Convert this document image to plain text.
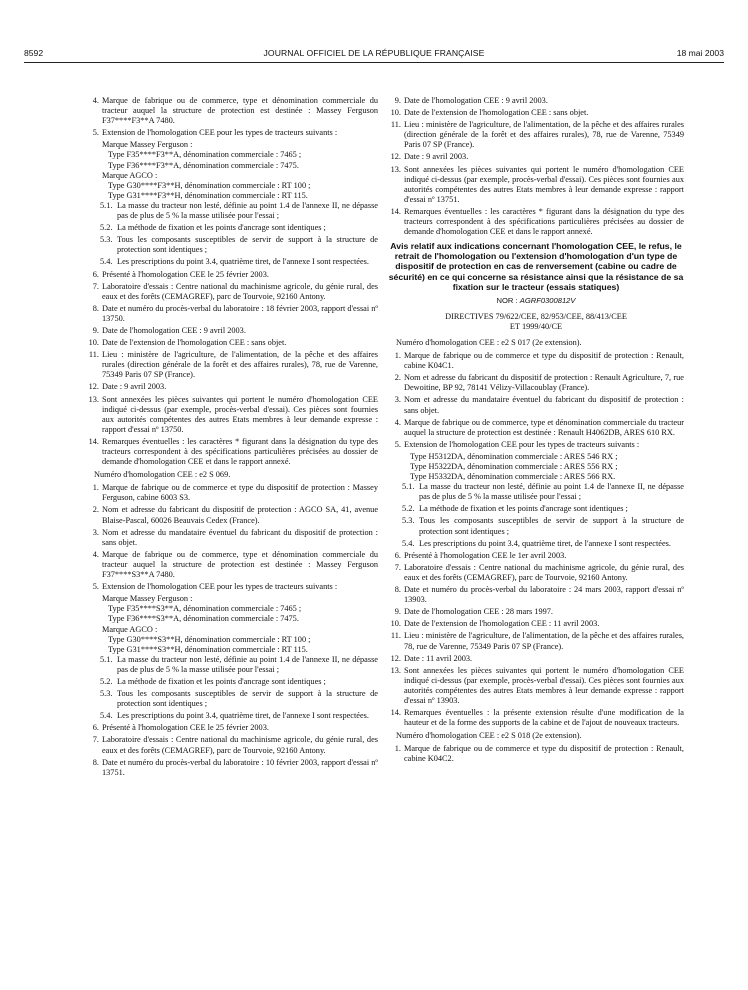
8592	JOURNAL OFFICIEL DE LA RÉPUBLIQUE FRANÇAISE	18 mai 2003

4. Marque de fabrique ou de commerce, type et dénomination commerciale du tracteur auquel la structure de protection est destinée : Massey Ferguson F37****F3**A 7480.

5. Extension de l'homologation CEE pour les types de tracteurs suivants :

Marque Massey Ferguson :

Type F35****F3**A, dénomination commerciale : 7465 ;

Type F36****F3**A, dénomination commerciale : 7475.

Marque AGCO :

Type G30****F3**H, dénomination commerciale : RT 100 ;

Type G31****F3**H, dénomination commerciale : RT 115.

5.1. La masse du tracteur non lesté, définie au point 1.4 de l'annexe II, ne dépasse pas de plus de 5 % la masse utilisée pour l'essai ;

5.2. La méthode de fixation et les points d'ancrage sont identiques ;

5.3. Tous les composants susceptibles de servir de support à la structure de protection sont identiques ;

5.4. Les prescriptions du point 3.4, quatrième tiret, de l'annexe I sont respectées.

6. Présenté à l'homologation CEE le 25 février 2003.

7. Laboratoire d'essais : Centre national du machinisme agricole, du génie rural, des eaux et des forêts (CEMAGREF), parc de Tourvoie, 92160 Antony.

8. Date et numéro du procès-verbal du laboratoire : 18 février 2003, rapport d'essai nº 13750.

9. Date de l'homologation CEE : 9 avril 2003.

10. Date de l'extension de l'homologation CEE : sans objet.

11. Lieu : ministère de l'agriculture, de l'alimentation, de la pêche et des affaires rurales (direction générale de la forêt et des affaires rurales), 78, rue de Varenne, 75349 Paris 07 SP (France).

12. Date : 9 avril 2003.

13. Sont annexées les pièces suivantes qui portent le numéro d'homologation CEE indiqué ci-dessus (par exemple, procès-verbal d'essai). Ces pièces sont fournies aux autorités compétentes des autres Etats membres à leur demande expresse : rapport d'essai nº 13750.

14. Remarques éventuelles : les caractères * figurant dans la désignation du type des tracteurs correspondent à des spécifications particulières précisées au dossier de demande d'homologation CEE et dans le rapport annexé.

Numéro d'homologation CEE : e2 S 069.

1. Marque de fabrique ou de commerce et type du dispositif de protection : Massey Ferguson, cabine 6003 S3.

2. Nom et adresse du fabricant du dispositif de protection : AGCO SA, 41, avenue Blaise-Pascal, 60026 Beauvais Cedex (France).

3. Nom et adresse du mandataire éventuel du fabricant du dispositif de protection : sans objet.

4. Marque de fabrique ou de commerce, type et dénomination commerciale du tracteur auquel la structure de protection est destinée : Massey Ferguson F37****S3**A 7480.

5. Extension de l'homologation CEE pour les types de tracteurs suivants :

Marque Massey Ferguson :

Type F35****S3**A, dénomination commerciale : 7465 ;

Type F36****S3**A, dénomination commerciale : 7475.

Marque AGCO :

Type G30****S3**H, dénomination commerciale : RT 100 ;

Type G31****S3**H, dénomination commerciale : RT 115.

5.1. La masse du tracteur non lesté, définie au point 1.4 de l'annexe II, ne dépasse pas de plus de 5 % la masse utilisée pour l'essai ;

5.2. La méthode de fixation et les points d'ancrage sont identiques ;

5.3. Tous les composants susceptibles de servir de support à la structure de protection sont identiques ;

5.4. Les prescriptions du point 3.4, quatrième tiret, de l'annexe I sont respectées.

6. Présenté à l'homologation CEE le 25 février 2003.

7. Laboratoire d'essais : Centre national du machinisme agricole, du génie rural, des eaux et des forêts (CEMAGREF), parc de Tourvoie, 92160 Antony.

8. Date et numéro du procès-verbal du laboratoire : 10 février 2003, rapport d'essai nº 13751.

9. Date de l'homologation CEE : 9 avril 2003.

10. Date de l'extension de l'homologation CEE : sans objet.

11. Lieu : ministère de l'agriculture, de l'alimentation, de la pêche et des affaires rurales (direction générale de la forêt et des affaires rurales), 78, rue de Varenne, 75349 Paris 07 SP (France).

12. Date : 9 avril 2003.

13. Sont annexées les pièces suivantes qui portent le numéro d'homologation CEE indiqué ci-dessus (par exemple, procès-verbal d'essai). Ces pièces sont fournies aux autorités compétentes des autres Etats membres à leur demande expresse : rapport d'essai nº 13751.

14. Remarques éventuelles : les caractères * figurant dans la désignation du type des tracteurs correspondent à des spécifications particulières précisées au dossier de demande d'homologation CEE et dans le rapport annexé.

Avis relatif aux indications concernant l'homologation CEE, le refus, le retrait de l'homologation ou l'extension d'homologation d'un type de dispositif de protection en cas de renversement (cabine ou cadre de sécurité) en ce qui concerne sa résistance ainsi que la résistance de sa fixation sur le tracteur (essais statiques)

NOR : AGRF0300812V

DIRECTIVES 79/622/CEE, 82/953/CEE, 88/413/CEE
ET 1999/40/CE

Numéro d'homologation CEE : e2 S 017 (2e extension).

1. Marque de fabrique ou de commerce et type du dispositif de protection : Renault, cabine K04C1.

2. Nom et adresse du fabricant du dispositif de protection : Renault Agriculture, 7, rue Dewoitine, BP 92, 78141 Vélizy-Villacoublay (France).

3. Nom et adresse du mandataire éventuel du fabricant du dispositif de protection : sans objet.

4. Marque de fabrique ou de commerce, type et dénomination commerciale du tracteur auquel la structure de protection est destinée : Renault H4062DB, ARES 610 RX.

5. Extension de l'homologation CEE pour les types de tracteurs suivants :

Type H5312DA, dénomination commerciale : ARES 546 RX ;

Type H5322DA, dénomination commerciale : ARES 556 RX ;

Type H5332DA, dénomination commerciale : ARES 566 RX.

5.1. La masse du tracteur non lesté, définie au point 1.4 de l'annexe II, ne dépasse pas de plus de 5 % la masse utilisée pour l'essai ;

5.2. La méthode de fixation et les points d'ancrage sont identiques ;

5.3. Tous les composants susceptibles de servir de support à la structure de protection sont identiques ;

5.4. Les prescriptions du point 3.4, quatrième tiret, de l'annexe I sont respectées.

6. Présenté à l'homologation CEE le 1er avril 2003.

7. Laboratoire d'essais : Centre national du machinisme agricole, du génie rural, des eaux et des forêts (CEMAGREF), parc de Tourvoie, 92160 Antony.

8. Date et numéro du procès-verbal du laboratoire : 24 mars 2003, rapport d'essai nº 13903.

9. Date de l'homologation CEE : 28 mars 1997.

10. Date de l'extension de l'homologation CEE : 11 avril 2003.

11. Lieu : ministère de l'agriculture, de l'alimentation, de la pêche et des affaires rurales, 78, rue de Varenne, 75349 Paris 07 SP (France).

12. Date : 11 avril 2003.

13. Sont annexées les pièces suivantes qui portent le numéro d'homologation CEE indiqué ci-dessus (par exemple, procès-verbal d'essai). Ces pièces sont fournies aux autorités compétentes des autres Etats membres à leur demande expresse : rapport d'essai nº 13903.

14. Remarques éventuelles : la présente extension résulte d'une modification de la hauteur et de la forme des supports de la cabine et de l'ajout de nouveaux tracteurs.

Numéro d'homologation CEE : e2 S 018 (2e extension).

1. Marque de fabrique ou de commerce et type du dispositif de protection : Renault, cabine K04C2.
